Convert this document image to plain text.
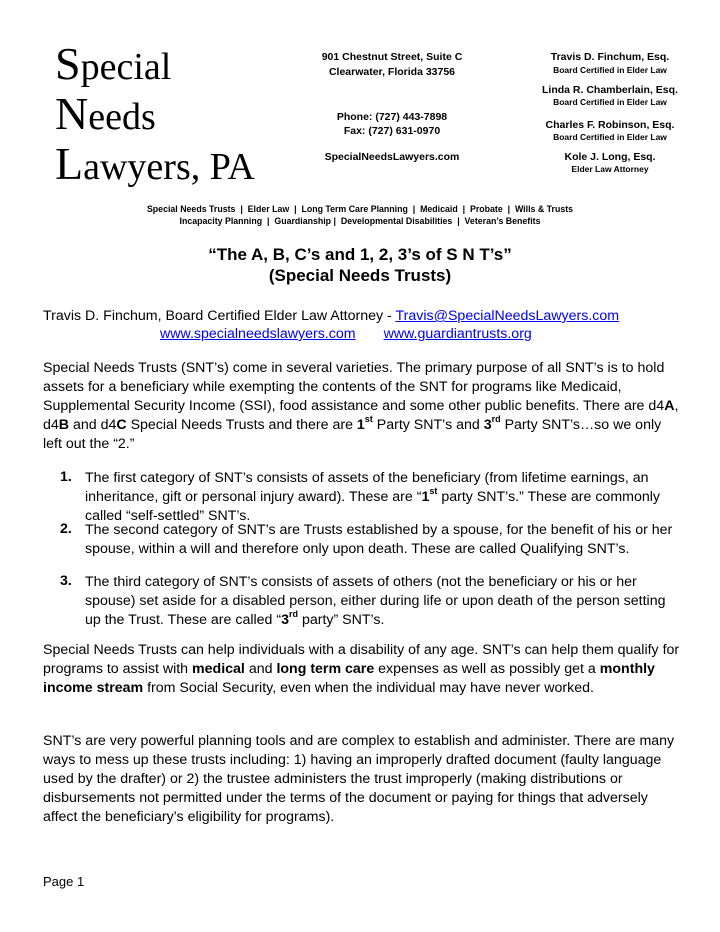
Special
Needs
Lawyers, PA
901 Chestnut Street, Suite C
Clearwater, Florida 33756
Phone: (727) 443-7898
Fax: (727) 631-0970
SpecialNeedsLawyers.com
Travis D. Finchum, Esq.
Board Certified in Elder Law
Linda R. Chamberlain, Esq.
Board Certified in Elder Law
Charles F. Robinson, Esq.
Board Certified in Elder Law
Kole J. Long, Esq.
Elder Law Attorney
Special Needs Trusts  |  Elder Law  |  Long Term Care Planning  |  Medicaid  |  Probate  |  Wills & Trusts
Incapacity Planning  |  Guardianship |  Developmental Disabilities  |  Veteran’s Benefits
“The A, B, C’s and 1, 2, 3’s of S N T’s”
(Special Needs Trusts)
Travis D. Finchum, Board Certified Elder Law Attorney - Travis@SpecialNeedsLawyers.com
www.specialneedslawyers.com www.guardiantrusts.org
Special Needs Trusts (SNT’s) come in several varieties. The primary purpose of all SNT’s is to hold assets for a beneficiary while exempting the contents of the SNT for programs like Medicaid, Supplemental Security Income (SSI), food assistance and some other public benefits. There are d4A, d4B and d4C Special Needs Trusts and there are 1st Party SNT’s and 3rd Party SNT’s…so we only left out the “2.”
1. The first category of SNT’s consists of assets of the beneficiary (from lifetime earnings, an inheritance, gift or personal injury award). These are “1st party SNT’s.” These are commonly called “self-settled” SNT’s.
2. The second category of SNT’s are Trusts established by a spouse, for the benefit of his or her spouse, within a will and therefore only upon death. These are called Qualifying SNT’s.
3. The third category of SNT’s consists of assets of others (not the beneficiary or his or her spouse) set aside for a disabled person, either during life or upon death of the person setting up the Trust. These are called “3rd party” SNT’s.
Special Needs Trusts can help individuals with a disability of any age. SNT’s can help them qualify for programs to assist with medical and long term care expenses as well as possibly get a monthly income stream from Social Security, even when the individual may have never worked.
SNT’s are very powerful planning tools and are complex to establish and administer. There are many ways to mess up these trusts including: 1) having an improperly drafted document (faulty language used by the drafter) or 2) the trustee administers the trust improperly (making distributions or disbursements not permitted under the terms of the document or paying for things that adversely affect the beneficiary’s eligibility for programs).
Page 1
